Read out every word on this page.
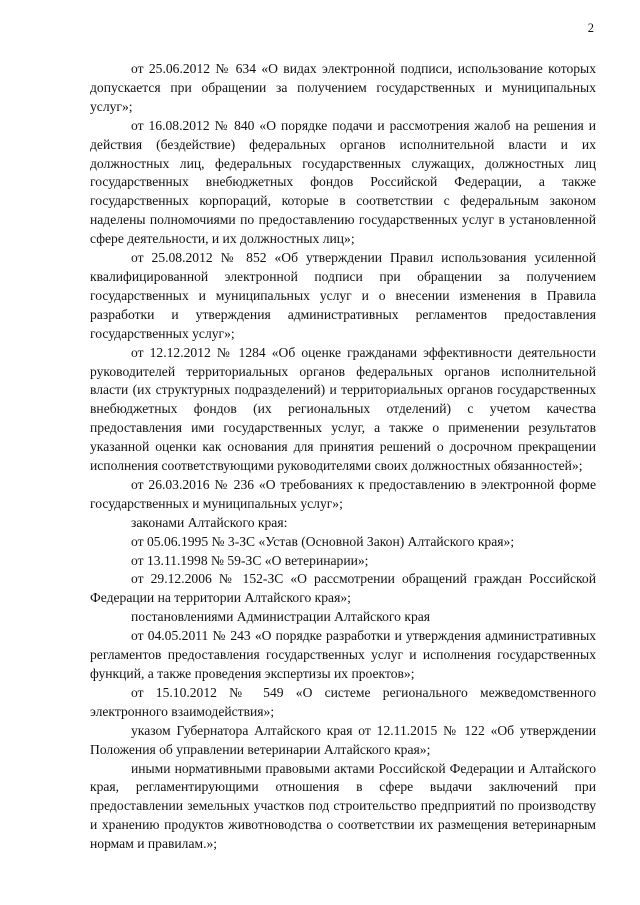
2

от 25.06.2012 № 634 «О видах электронной подписи, использование которых допускается при обращении за получением государственных и муниципальных услуг»;

от 16.08.2012 № 840 «О порядке подачи и рассмотрения жалоб на решения и действия (бездействие) федеральных органов исполнительной власти и их должностных лиц, федеральных государственных служащих, должностных лиц государственных внебюджетных фондов Российской Федерации, а также государственных корпораций, которые в соответствии с федеральным законом наделены полномочиями по предоставлению государственных услуг в установленной сфере деятельности, и их должностных лиц»;

от 25.08.2012 № 852 «Об утверждении Правил использования усиленной квалифицированной электронной подписи при обращении за получением государственных и муниципальных услуг и о внесении изменения в Правила разработки и утверждения административных регламентов предоставления государственных услуг»;

от 12.12.2012 № 1284 «Об оценке гражданами эффективности деятельности руководителей территориальных органов федеральных органов исполнительной власти (их структурных подразделений) и территориальных органов государственных внебюджетных фондов (их региональных отделений) с учетом качества предоставления ими государственных услуг, а также о применении результатов указанной оценки как основания для принятия решений о досрочном прекращении исполнения соответствующими руководителями своих должностных обязанностей»;

от 26.03.2016 № 236 «О требованиях к предоставлению в электронной форме государственных и муниципальных услуг»;

законами Алтайского края:

от 05.06.1995 № 3-ЗС «Устав (Основной Закон) Алтайского края»;

от 13.11.1998 № 59-ЗС «О ветеринарии»;

от 29.12.2006 № 152-ЗС «О рассмотрении обращений граждан Российской Федерации на территории Алтайского края»;

постановлениями Администрации Алтайского края

от 04.05.2011 № 243 «О порядке разработки и утверждения административных регламентов предоставления государственных услуг и исполнения государственных функций, а также проведения экспертизы их проектов»;

от 15.10.2012 № 549 «О системе регионального межведомственного электронного взаимодействия»;

указом Губернатора Алтайского края от 12.11.2015 № 122 «Об утверждении Положения об управлении ветеринарии Алтайского края»;

иными нормативными правовыми актами Российской Федерации и Алтайского края, регламентирующими отношения в сфере выдачи заключений при предоставлении земельных участков под строительство предприятий по производству и хранению продуктов животноводства о соответствии их размещения ветеринарным нормам и правилам.»;
